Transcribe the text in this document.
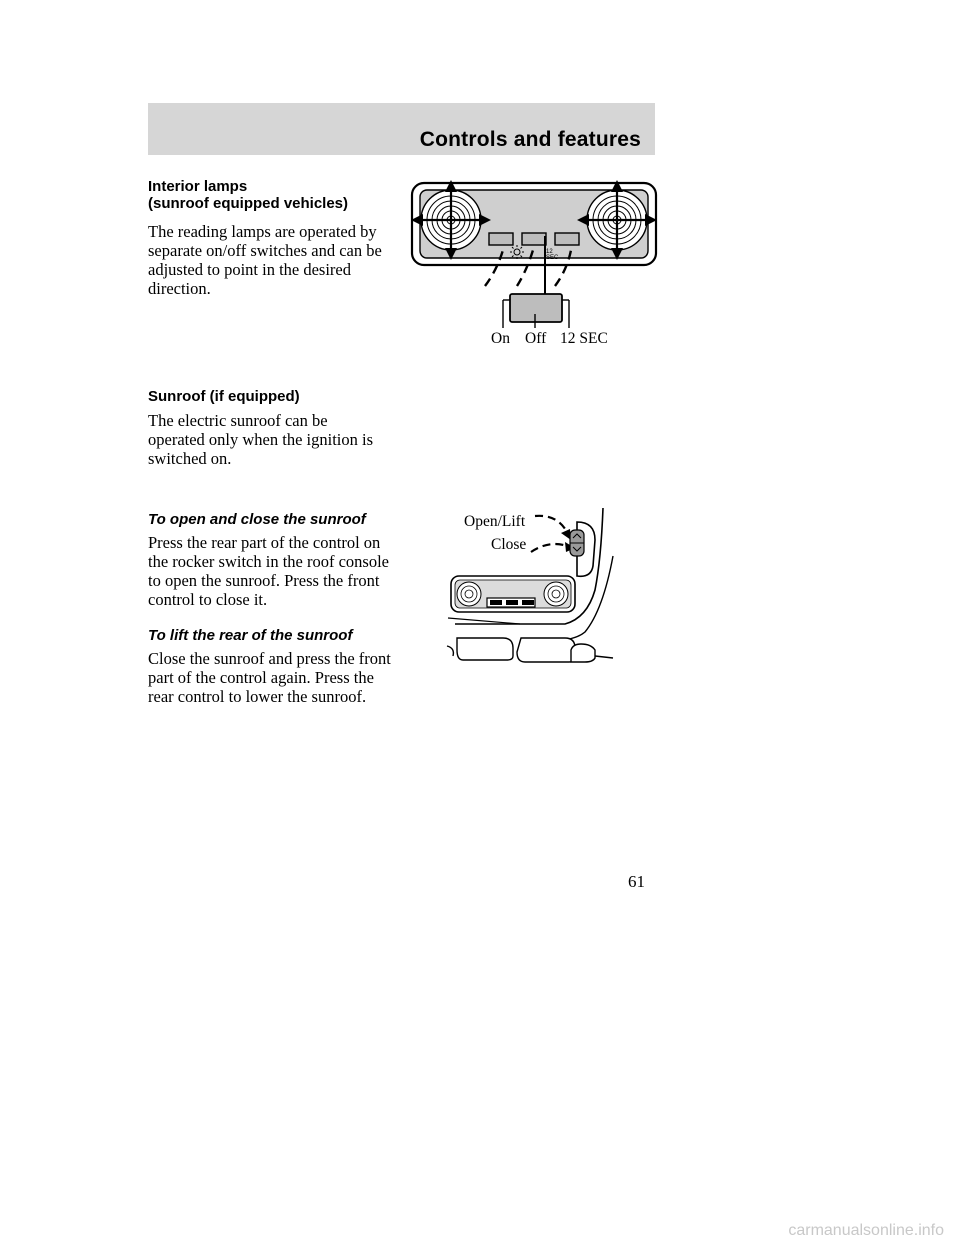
Controls and features
Interior lamps
(sunroof equipped vehicles)
The reading lamps are operated by separate on/off switches and can be adjusted to point in the desired direction.
Sunroof (if equipped)
The electric sunroof can be operated only when the ignition is switched on.
To open and close the sunroof
Press the rear part of the control on the rocker switch in the roof console to open the sunroof. Press the front control to close it.
To lift the rear of the sunroof
Close the sunroof and press the front part of the control again. Press the rear control to lower the sunroof.
12
SEC
On Off 12 SEC
Open/Lift
Close
61
carmanualsonline.info
